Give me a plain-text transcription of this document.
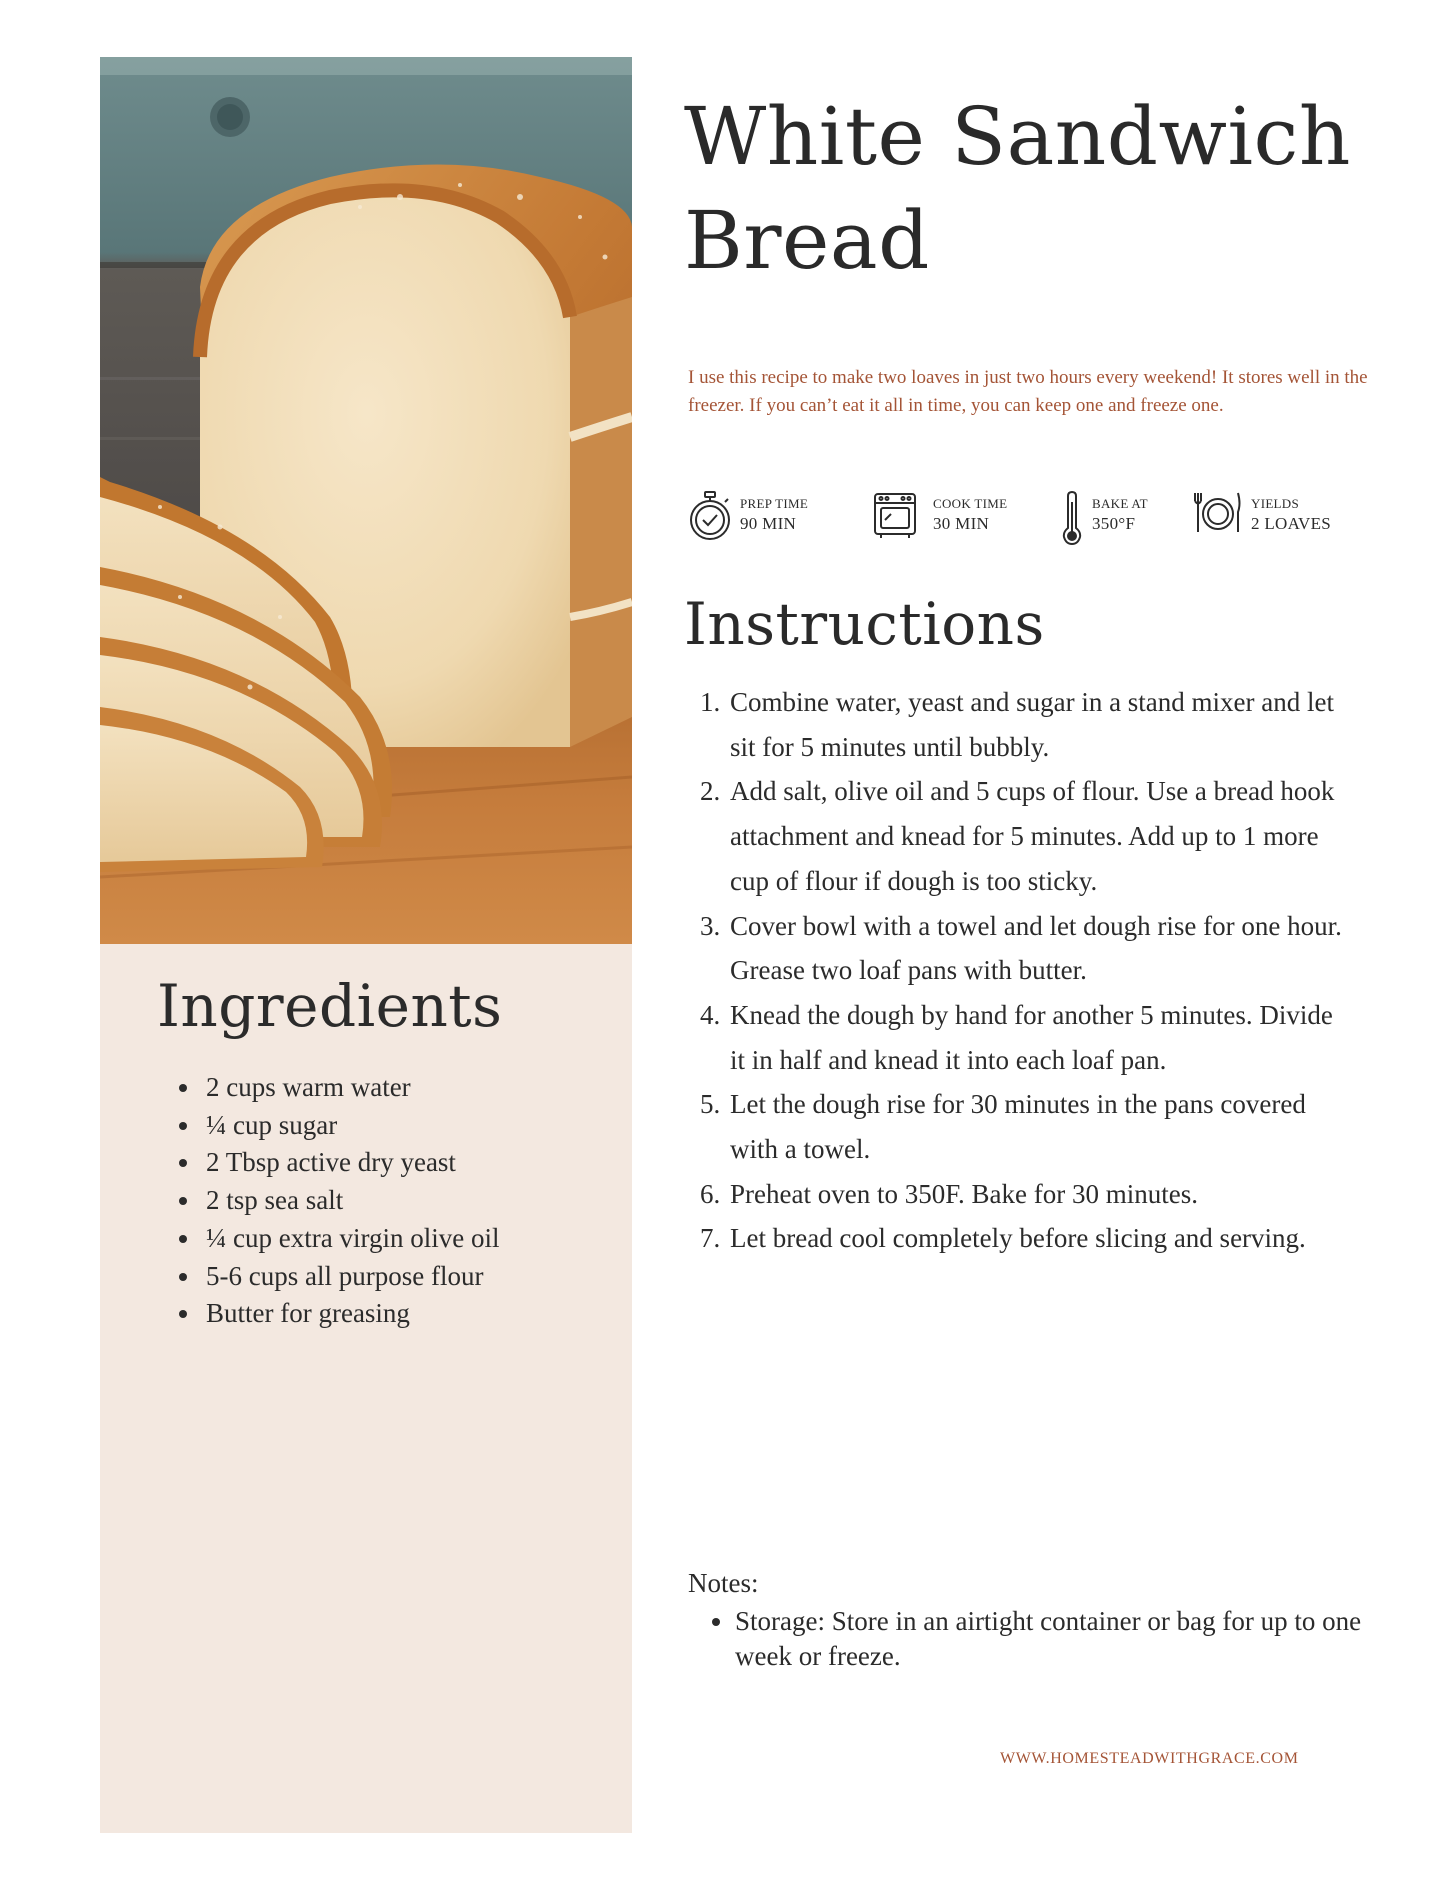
Ingredients
• 2 cups warm water
• ¼ cup sugar
• 2 Tbsp active dry yeast
• 2 tsp sea salt
• ¼ cup extra virgin olive oil
• 5-6 cups all purpose flour
• Butter for greasing
White Sandwich Bread

I use this recipe to make two loaves in just two hours every weekend! It stores well in the freezer. If you can’t eat it all in time, you can keep one and freeze one.

PREP TIME
90 MIN
COOK TIME
30 MIN
BAKE AT
350°F
YIELDS
2 LOAVES
Instructions
1. Combine water, yeast and sugar in a stand mixer and let sit for 5 minutes until bubbly.
2. Add salt, olive oil and 5 cups of flour. Use a bread hook attachment and knead for 5 minutes. Add up to 1 more cup of flour if dough is too sticky.
3. Cover bowl with a towel and let dough rise for one hour. Grease two loaf pans with butter.
4. Knead the dough by hand for another 5 minutes. Divide it in half and knead it into each loaf pan.
5. Let the dough rise for 30 minutes in the pans covered with a towel.
6. Preheat oven to 350F. Bake for 30 minutes.
7. Let bread cool completely before slicing and serving.
Notes:
• Storage: Store in an airtight container or bag for up to one week or freeze.
WWW.HOMESTEADWITHGRACE.COM
